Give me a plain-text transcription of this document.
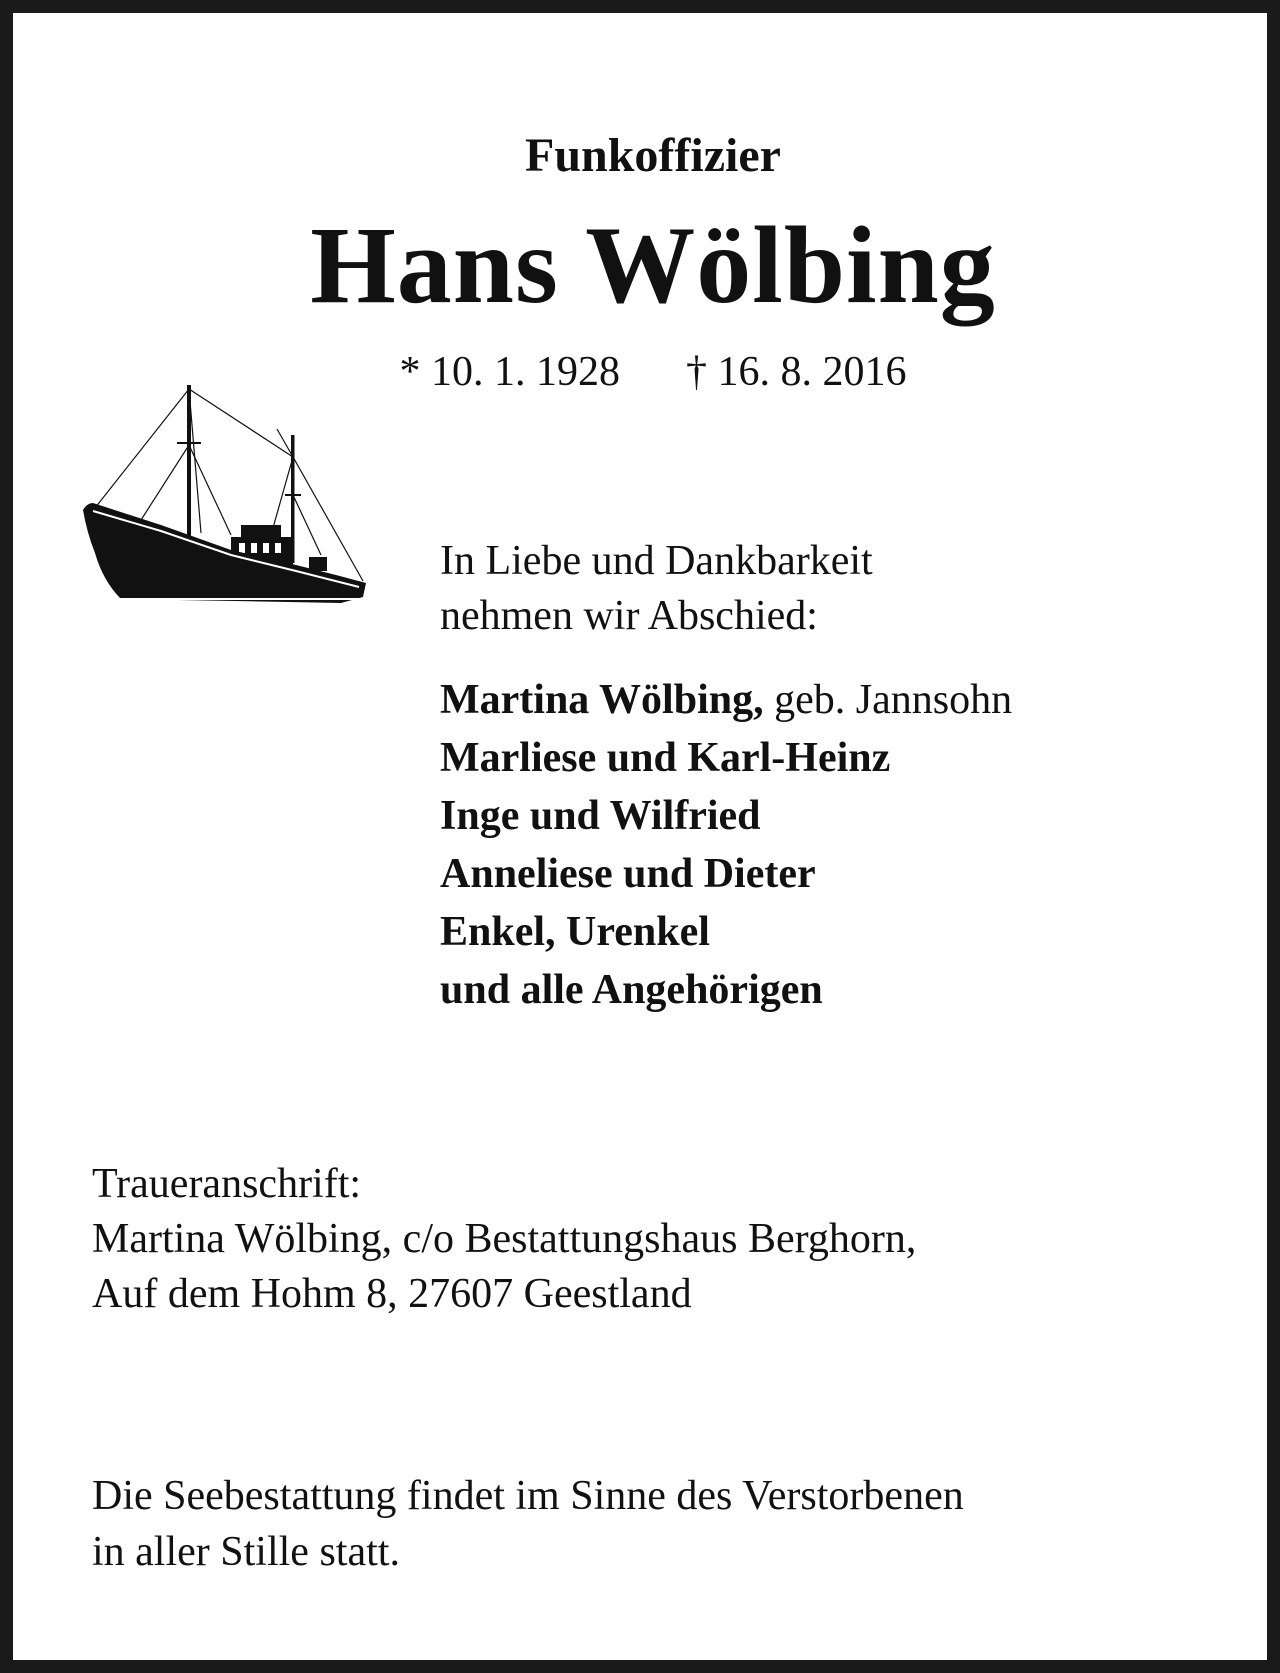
Funkoffizier
Hans Wölbing
* 10. 1. 1928 † 16. 8. 2016
In Liebe und Dankbarkeit
nehmen wir Abschied:
Martina Wölbing, geb. Jannsohn
Marliese und Karl-Heinz
Inge und Wilfried
Anneliese und Dieter
Enkel, Urenkel
und alle Angehörigen
Traueranschrift:
Martina Wölbing, c/o Bestattungshaus Berghorn,
Auf dem Hohm 8, 27607 Geestland
Die Seebestattung findet im Sinne des Verstorbenen
in aller Stille statt.
